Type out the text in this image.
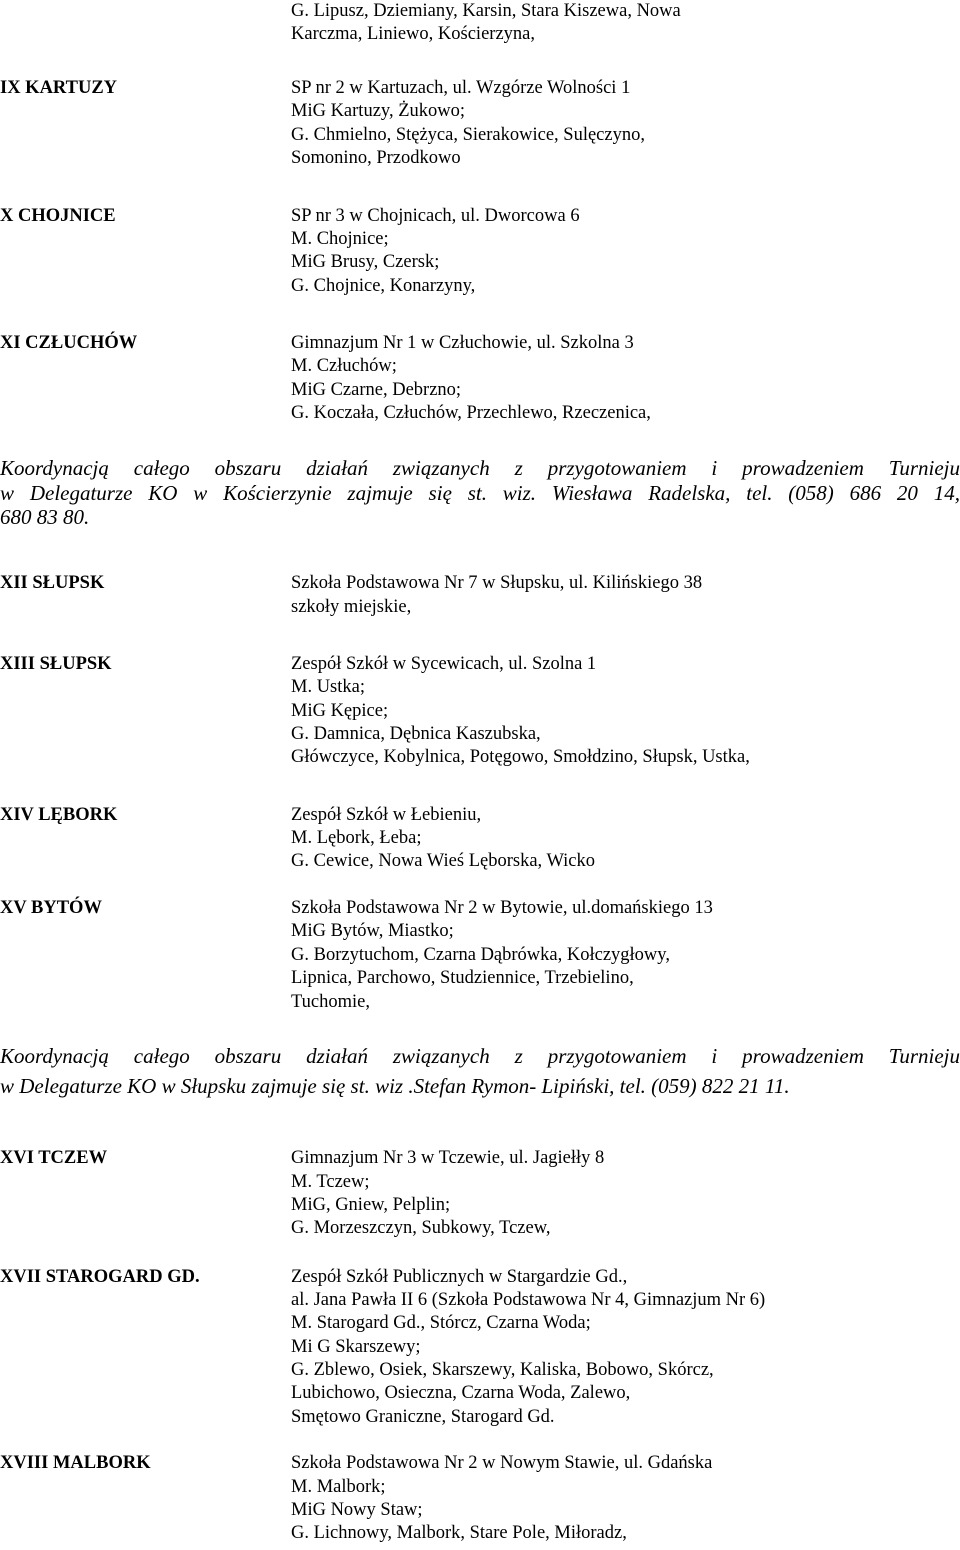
G. Lipusz, Dziemiany, Karsin, Stara Kiszewa, Nowa
Karczma, Liniewo, Kościerzyna,
IX KARTUZY	SP nr 2 w Kartuzach, ul. Wzgórze Wolności 1
MiG Kartuzy, Żukowo;
G. Chmielno, Stężyca, Sierakowice, Sulęczyno,
Somonino, Przodkowo
X CHOJNICE	SP nr 3 w Chojnicach, ul. Dworcowa 6
M. Chojnice;
MiG Brusy, Czersk;
G. Chojnice, Konarzyny,
XI CZŁUCHÓW	Gimnazjum Nr 1 w Człuchowie, ul. Szkolna 3
M. Człuchów;
MiG Czarne, Debrzno;
G. Koczała, Człuchów, Przechlewo, Rzeczenica,
Koordynacją całego obszaru działań związanych z przygotowaniem i prowadzeniem Turnieju
w Delegaturze KO w Kościerzynie zajmuje się st. wiz. Wiesława Radelska, tel. (058) 686 20 14,
680 83 80.
XII SŁUPSK	Szkoła Podstawowa Nr 7 w Słupsku, ul. Kilińskiego 38
szkoły miejskie,
XIII SŁUPSK	Zespół Szkół w Sycewicach, ul. Szolna 1
M. Ustka;
MiG Kępice;
G. Damnica, Dębnica Kaszubska,
Główczyce, Kobylnica, Potęgowo, Smołdzino, Słupsk, Ustka,
XIV LĘBORK	Zespół Szkół w Łebieniu,
M. Lębork, Łeba;
G. Cewice, Nowa Wieś Lęborska, Wicko
XV BYTÓW	Szkoła Podstawowa Nr 2 w Bytowie, ul.domańskiego 13
MiG Bytów, Miastko;
G. Borzytuchom, Czarna Dąbrówka, Kołczygłowy,
Lipnica, Parchowo, Studziennice, Trzebielino,
Tuchomie,
Koordynacją całego obszaru działań związanych z przygotowaniem i prowadzeniem Turnieju
w Delegaturze KO w Słupsku zajmuje się st. wiz .Stefan Rymon- Lipiński, tel. (059) 822 21 11.
XVI TCZEW	Gimnazjum Nr 3 w Tczewie, ul. Jagiełły 8
M. Tczew;
MiG, Gniew, Pelplin;
G. Morzeszczyn, Subkowy, Tczew,
XVII STAROGARD GD.	Zespół Szkół Publicznych w Stargardzie Gd.,
al. Jana Pawła II 6 (Szkoła Podstawowa Nr 4, Gimnazjum Nr 6)
M. Starogard Gd., Stórcz, Czarna Woda;
Mi G Skarszewy;
G. Zblewo, Osiek, Skarszewy, Kaliska, Bobowo, Skórcz,
Lubichowo, Osieczna, Czarna Woda, Zalewo,
Smętowo Graniczne, Starogard Gd.
XVIII MALBORK	Szkoła Podstawowa Nr 2 w Nowym Stawie, ul. Gdańska
M. Malbork;
MiG Nowy Staw;
G. Lichnowy, Malbork, Stare Pole, Miłoradz,
